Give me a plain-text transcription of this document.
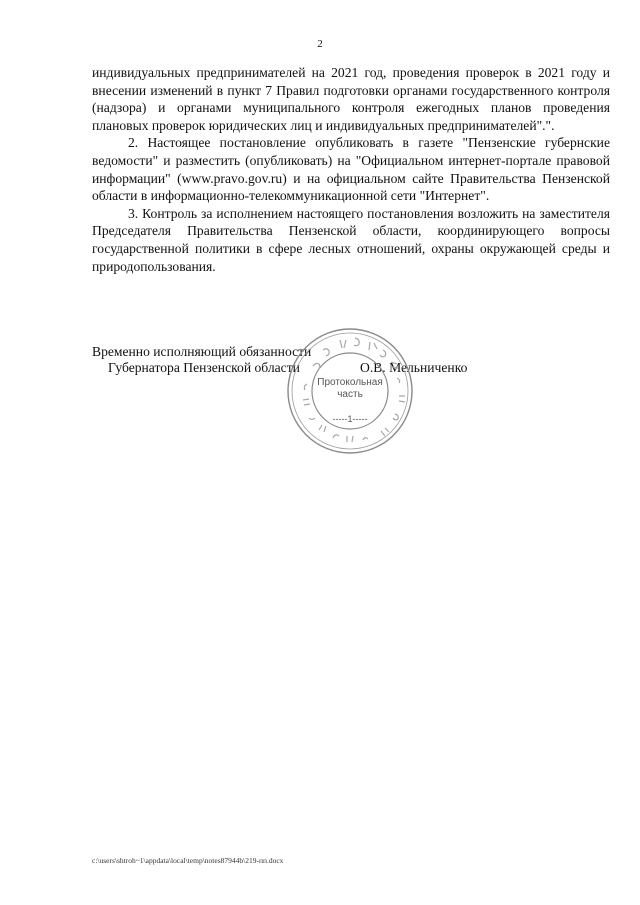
2

индивидуальных предпринимателей на 2021 год, проведения проверок в 2021 году и внесении изменений в пункт 7 Правил подготовки органами государственного контроля (надзора) и органами муниципального контроля ежегодных планов проведения плановых проверок юридических лиц и индивидуальных предпринимателей".".

2. Настоящее постановление опубликовать в газете "Пензенские губернские ведомости" и разместить (опубликовать) на "Официальном интернет-портале правовой информации" (www.pravo.gov.ru) и на официальном сайте Правительства Пензенской области в информационно-телекоммуникационной сети "Интернет".

3. Контроль за исполнением настоящего постановления возложить на заместителя Председателя Правительства Пензенской области, координирующего вопросы государственной политики в сфере лесных отношений, охраны окружающей среды и природопользования.

Временно исполняющий обязанности
Губернатора Пензенской области	О.В. Мельниченко
Протокольная
часть
-----1-----
c:\users\shtroh~1\appdata\local\temp\notes87944b\219-пп.docx
